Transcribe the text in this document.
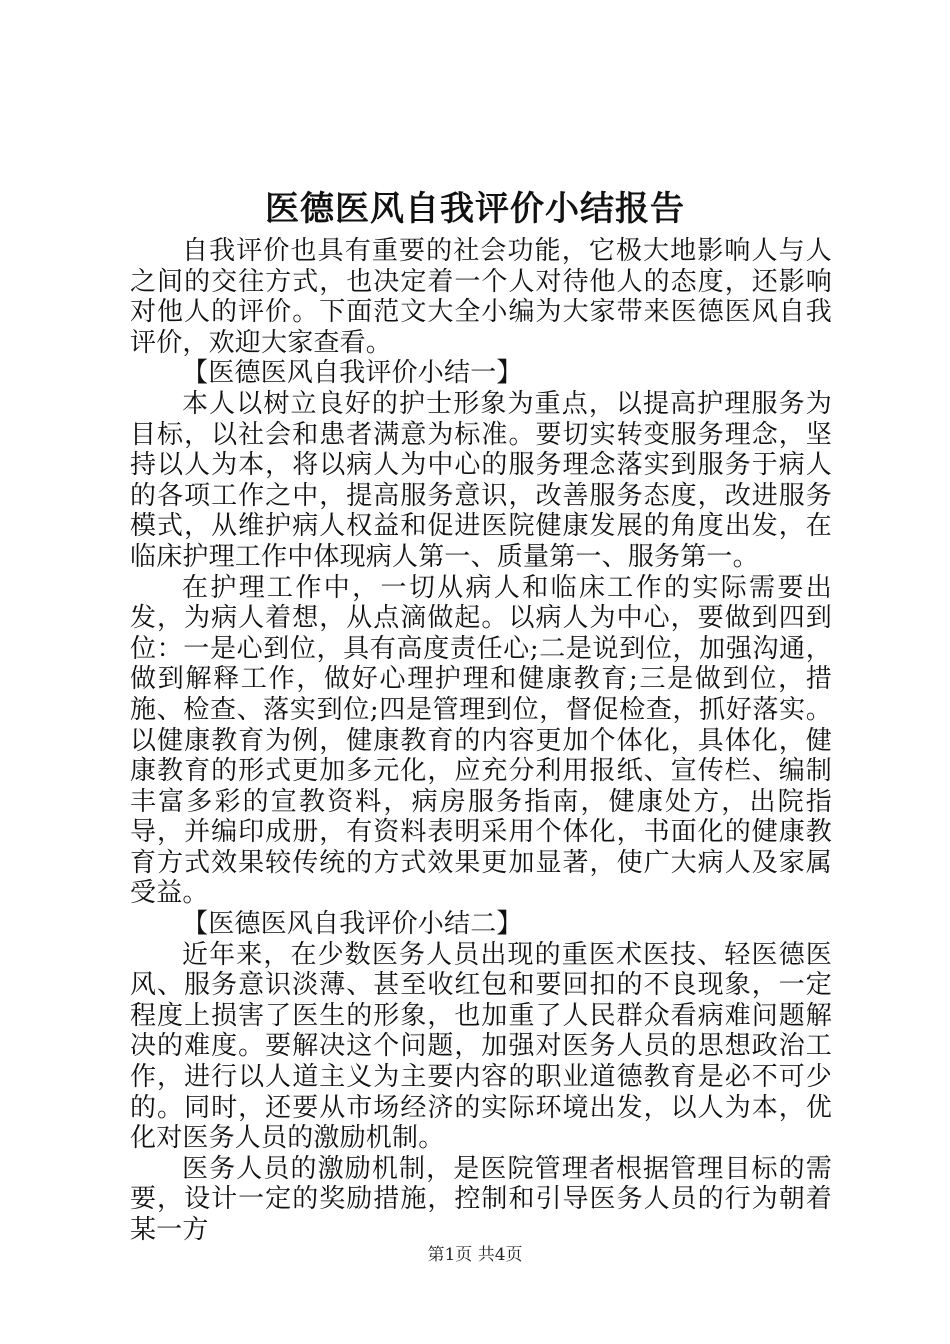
医德医风自我评价小结报告

自我评价也具有重要的社会功能，它极大地影响人与人之间的交往方式，也决定着一个人对待他人的态度，还影响对他人的评价。下面范文大全小编为大家带来医德医风自我评价，欢迎大家查看。

【医德医风自我评价小结一】

本人以树立良好的护士形象为重点，以提高护理服务为目标，以社会和患者满意为标准。要切实转变服务理念，坚持以人为本，将以病人为中心的服务理念落实到服务于病人的各项工作之中，提高服务意识，改善服务态度，改进服务模式，从维护病人权益和促进医院健康发展的角度出发，在临床护理工作中体现病人第一、质量第一、服务第一。

在护理工作中，一切从病人和临床工作的实际需要出发，为病人着想，从点滴做起。以病人为中心，要做到四到位：一是心到位，具有高度责任心;二是说到位，加强沟通，做到解释工作，做好心理护理和健康教育;三是做到位，措施、检查、落实到位;四是管理到位，督促检查，抓好落实。以健康教育为例，健康教育的内容更加个体化，具体化，健康教育的形式更加多元化，应充分利用报纸、宣传栏、编制丰富多彩的宣教资料，病房服务指南，健康处方，出院指导，并编印成册，有资料表明采用个体化，书面化的健康教育方式效果较传统的方式效果更加显著，使广大病人及家属受益。

【医德医风自我评价小结二】

近年来，在少数医务人员出现的重医术医技、轻医德医风、服务意识淡薄、甚至收红包和要回扣的不良现象，一定程度上损害了医生的形象，也加重了人民群众看病难问题解决的难度。要解决这个问题，加强对医务人员的思想政治工作，进行以人道主义为主要内容的职业道德教育是必不可少的。同时，还要从市场经济的实际环境出发，以人为本，优化对医务人员的激励机制。

医务人员的激励机制，是医院管理者根据管理目标的需要，设计一定的奖励措施，控制和引导医务人员的行为朝着某一方

第1页 共4页
